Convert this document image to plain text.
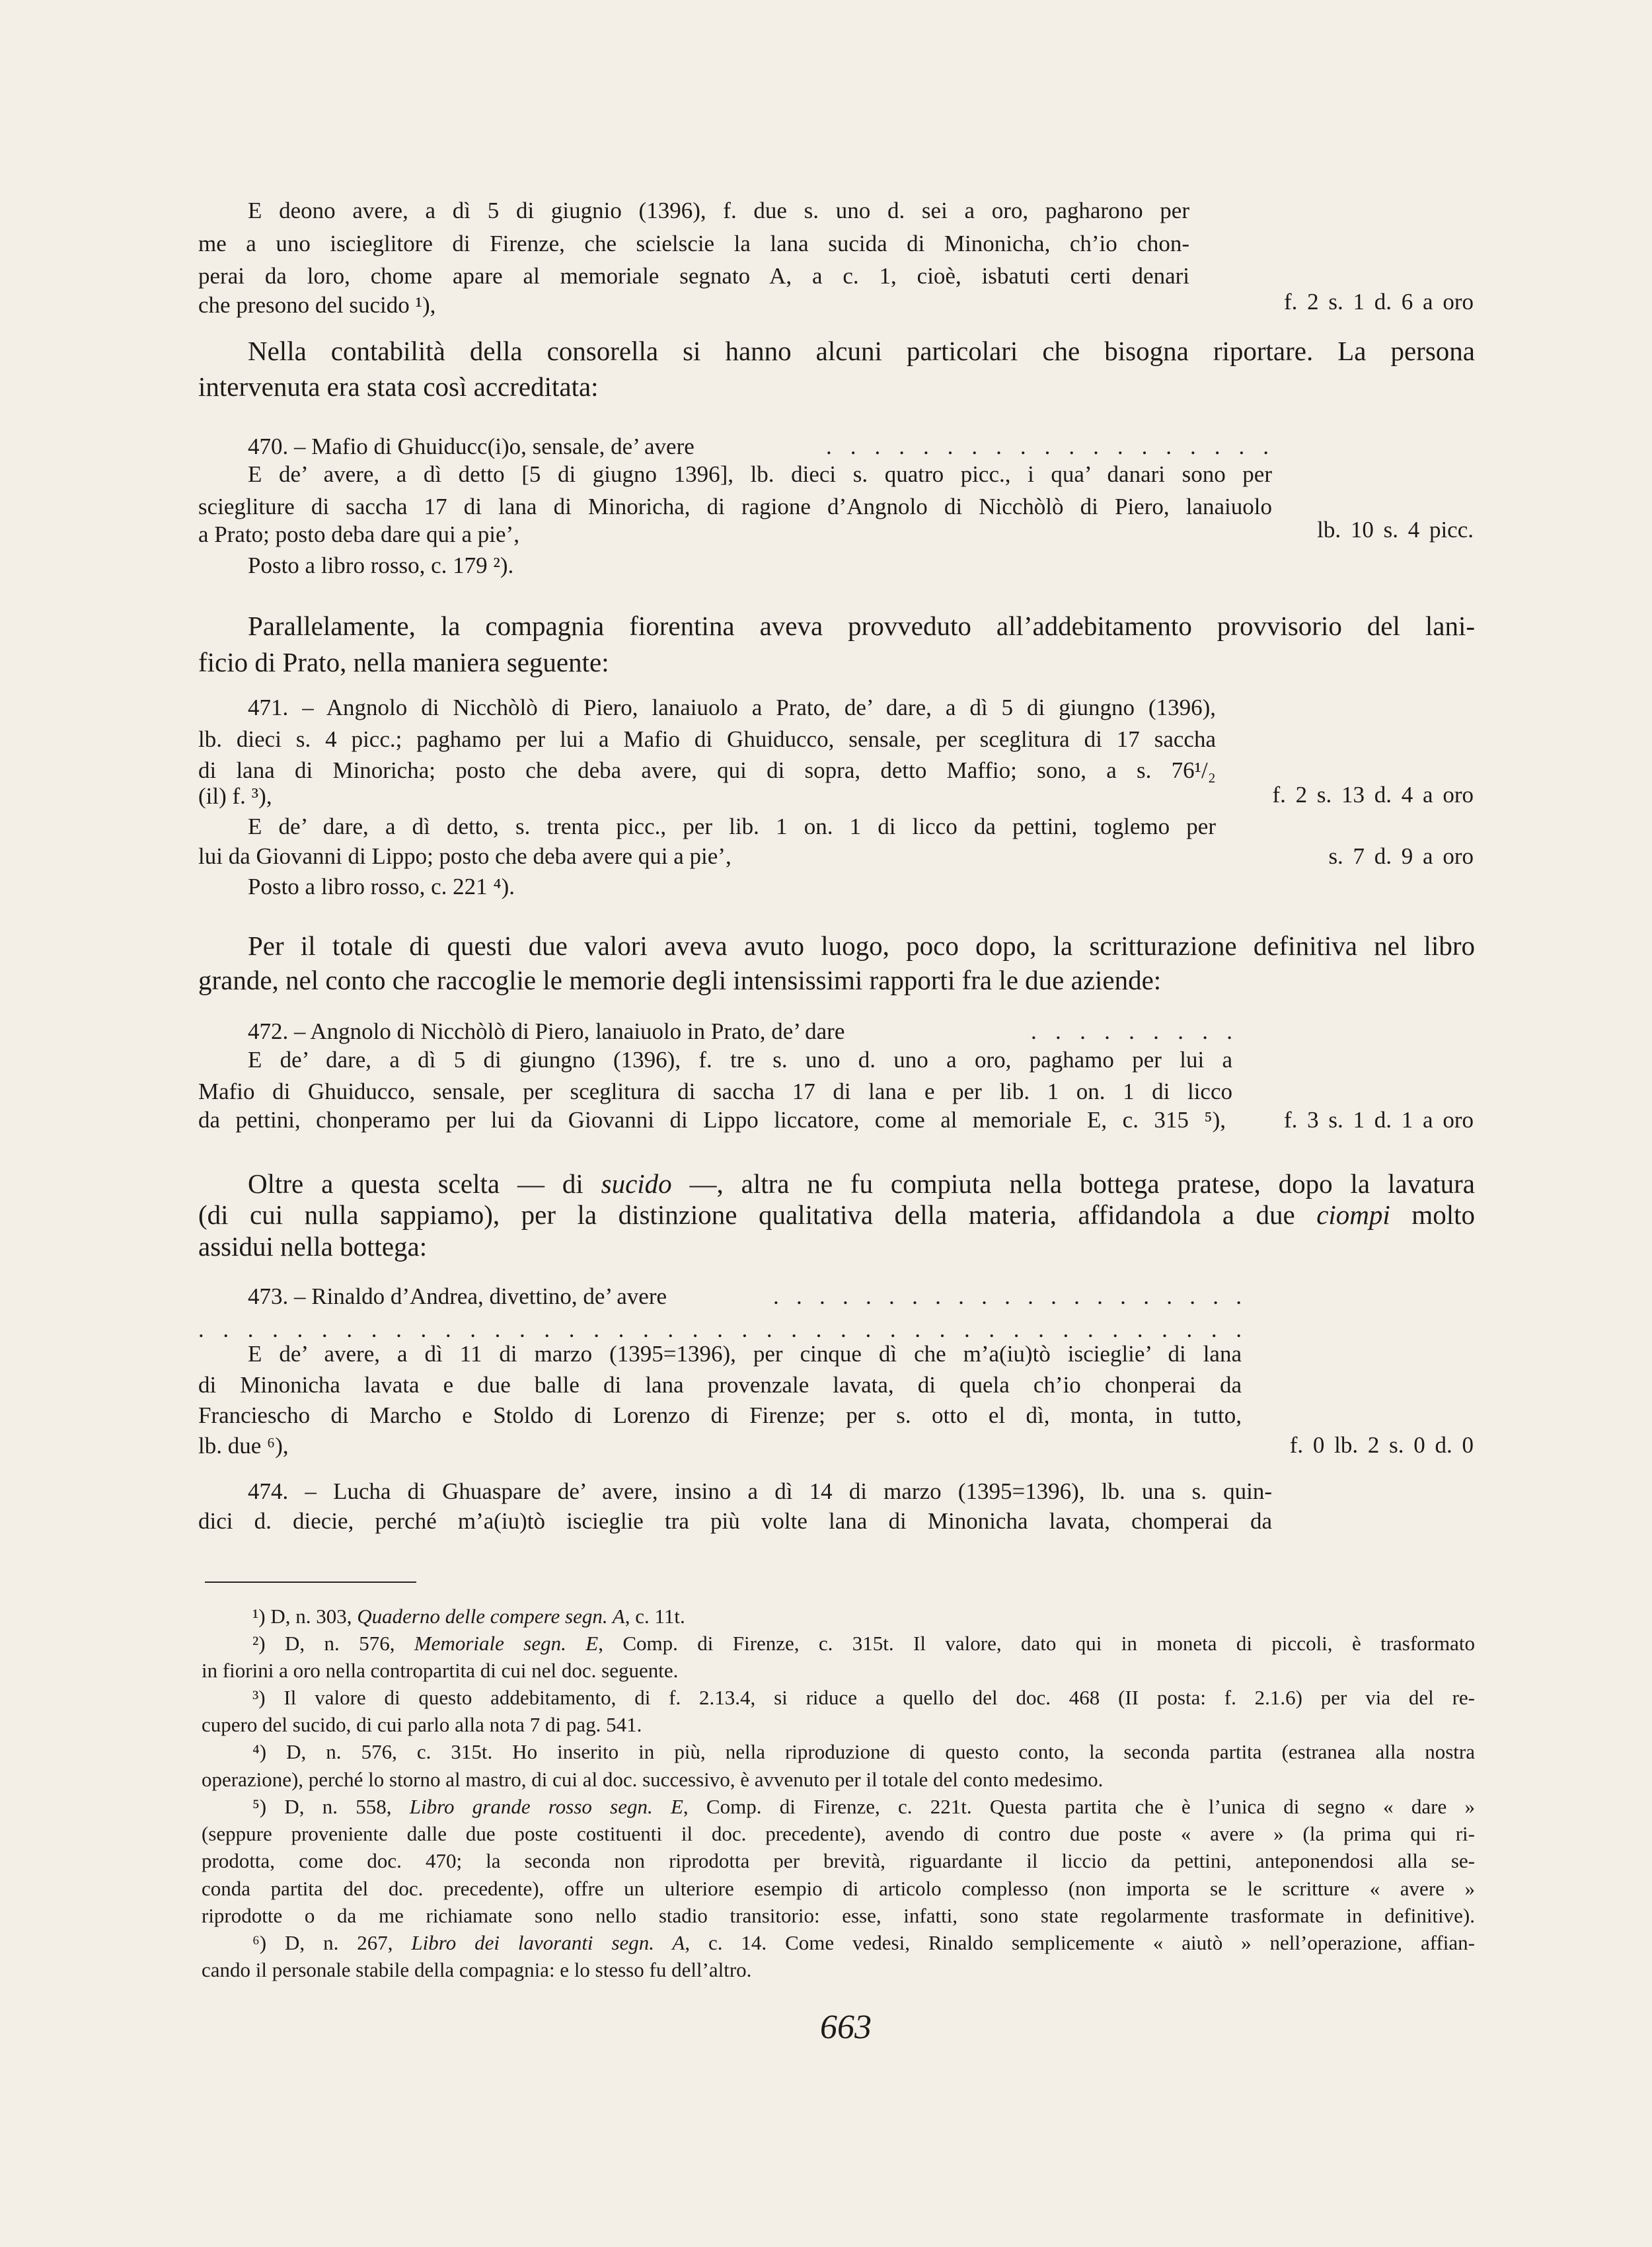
E deono avere, a dì 5 di giugnio (1396), f. due s. uno d. sei a oro, pagharono per
me a uno iscieglitore di Firenze, che scielscie la lana sucida di Minonicha, ch’io chon-
perai da loro, chome apare al memoriale segnato A, a c. 1, cioè, isbatuti certi denari
che presono del sucido ¹),	f. 2 s. 1 d. 6 a oro
Nella contabilità della consorella si hanno alcuni particolari che bisogna riportare. La persona
intervenuta era stata così accreditata:
470. – Mafio di Ghuiducc(i)o, sensale, de’ avere	. . . . . . . . . . . . . . . . . . .
E de’ avere, a dì detto [5 di giugno 1396], lb. dieci s. quatro picc., i qua’ danari sono per
sciegliture di saccha 17 di lana di Minoricha, di ragione d’Angnolo di Nicchòlò di Piero, lanaiuolo
a Prato; posto deba dare qui a pie’,	lb. 10 s. 4 picc.
Posto a libro rosso, c. 179 ²).
Parallelamente, la compagnia fiorentina aveva provveduto all’addebitamento provvisorio del lani-
ficio di Prato, nella maniera seguente:
471. – Angnolo di Nicchòlò di Piero, lanaiuolo a Prato, de’ dare, a dì 5 di giungno (1396),
lb. dieci s. 4 picc.; paghamo per lui a Mafio di Ghuiducco, sensale, per sceglitura di 17 saccha
di lana di Minoricha; posto che deba avere, qui di sopra, detto Maffio; sono, a s. 76¹/₂
(il) f. ³),	f. 2 s. 13 d. 4 a oro
E de’ dare, a dì detto, s. trenta picc., per lib. 1 on. 1 di licco da pettini, toglemo per
lui da Giovanni di Lippo; posto che deba avere qui a pie’,	s. 7 d. 9 a oro
Posto a libro rosso, c. 221 ⁴).
Per il totale di questi due valori aveva avuto luogo, poco dopo, la scritturazione definitiva nel libro
grande, nel conto che raccoglie le memorie degli intensissimi rapporti fra le due aziende:
472. – Angnolo di Nicchòlò di Piero, lanaiuolo in Prato, de’ dare	. . . . . . . . .
E de’ dare, a dì 5 di giungno (1396), f. tre s. uno d. uno a oro, paghamo per lui a
Mafio di Ghuiducco, sensale, per sceglitura di saccha 17 di lana e per lib. 1 on. 1 di licco
da pettini, chonperamo per lui da Giovanni di Lippo liccatore, come al memoriale E, c. 315 ⁵),	f. 3 s. 1 d. 1 a oro
Oltre a questa scelta — di sucido —, altra ne fu compiuta nella bottega pratese, dopo la lavatura
(di cui nulla sappiamo), per la distinzione qualitativa della materia, affidandola a due ciompi molto
assidui nella bottega:
473. – Rinaldo d’Andrea, divettino, de’ avere	. . . . . . . . . . . . . . . . . . . . .
. . . . . . . . . . . . . . . . . . . . . . . . . . . . . . . . . . . . . . . . . . .
E de’ avere, a dì 11 di marzo (1395=1396), per cinque dì che m’a(iu)tò iscieglie’ di lana
di Minonicha lavata e due balle di lana provenzale lavata, di quela ch’io chonperai da
Franciescho di Marcho e Stoldo di Lorenzo di Firenze; per s. otto el dì, monta, in tutto,
lb. due ⁶),	f. 0 lb. 2 s. 0 d. 0
474. – Lucha di Ghuaspare de’ avere, insino a dì 14 di marzo (1395=1396), lb. una s. quin-
dici d. diecie, perché m’a(iu)tò iscieglie tra più volte lana di Minonicha lavata, chomperai da
¹) D, n. 303, Quaderno delle compere segn. A, c. 11t.
²) D, n. 576, Memoriale segn. E, Comp. di Firenze, c. 315t. Il valore, dato qui in moneta di piccoli, è trasformato
in fiorini a oro nella contropartita di cui nel doc. seguente.
³) Il valore di questo addebitamento, di f. 2.13.4, si riduce a quello del doc. 468 (II posta: f. 2.1.6) per via del re-
cupero del sucido, di cui parlo alla nota 7 di pag. 541.
⁴) D, n. 576, c. 315t. Ho inserito in più, nella riproduzione di questo conto, la seconda partita (estranea alla nostra
operazione), perché lo storno al mastro, di cui al doc. successivo, è avvenuto per il totale del conto medesimo.
⁵) D, n. 558, Libro grande rosso segn. E, Comp. di Firenze, c. 221t. Questa partita che è l’unica di segno « dare »
(seppure proveniente dalle due poste costituenti il doc. precedente), avendo di contro due poste « avere » (la prima qui ri-
prodotta, come doc. 470; la seconda non riprodotta per brevità, riguardante il liccio da pettini, anteponendosi alla se-
conda partita del doc. precedente), offre un ulteriore esempio di articolo complesso (non importa se le scritture « avere »
riprodotte o da me richiamate sono nello stadio transitorio: esse, infatti, sono state regolarmente trasformate in definitive).
⁶) D, n. 267, Libro dei lavoranti segn. A, c. 14. Come vedesi, Rinaldo semplicemente « aiutò » nell’operazione, affian-
cando il personale stabile della compagnia: e lo stesso fu dell’altro.
663
